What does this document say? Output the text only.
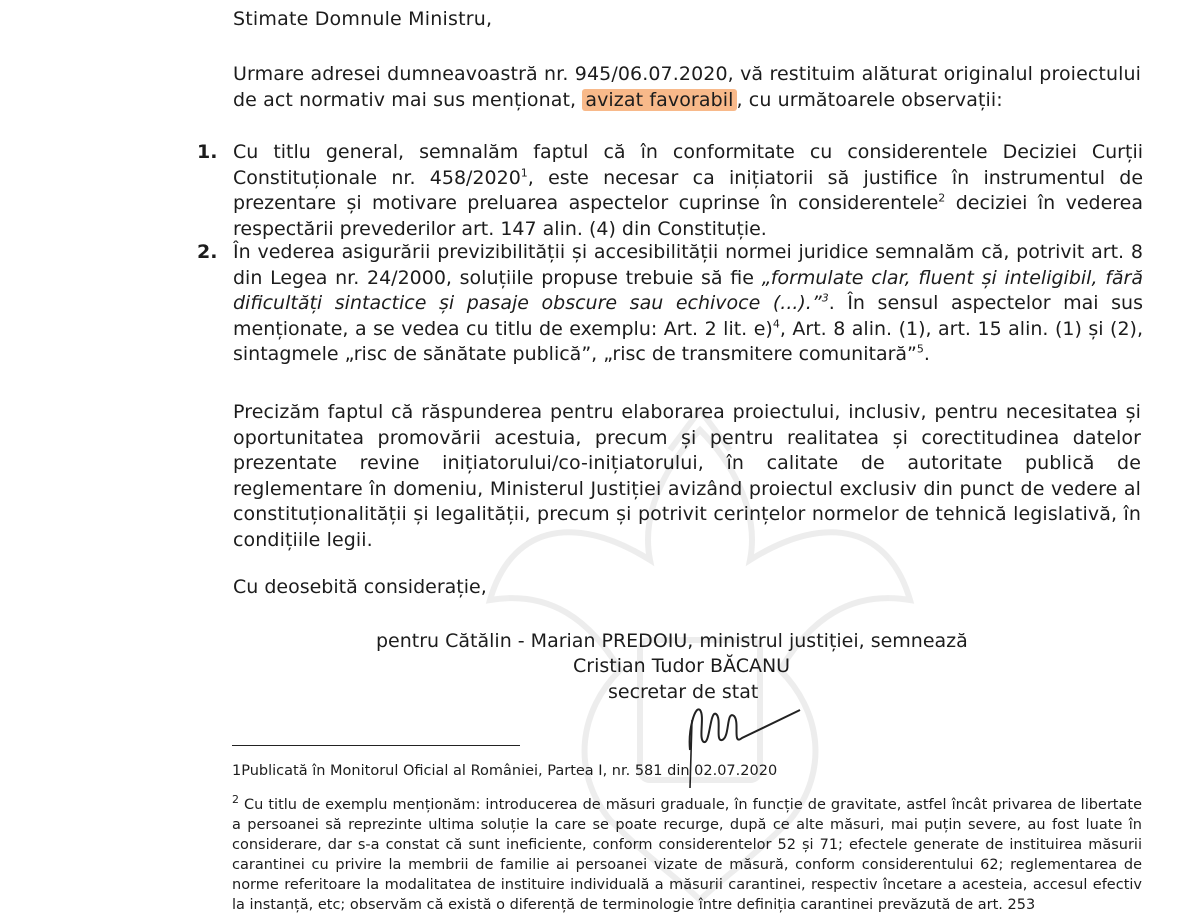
Stimate Domnule Ministru,
Urmare adresei dumneavoastră nr. 945/06.07.2020, vă restituim alăturat originalul proiectului de act normativ mai sus menționat, avizat favorabil , cu următoarele observații:
1. Cu titlu general, semnalăm faptul că în conformitate cu considerentele Deciziei Curții Constituționale nr. 458/2020$^1$, este necesar ca inițiatorii să justifice în instrumentul de prezentare și motivare preluarea aspectelor cuprinse în considerentele$^2$ deciziei în vederea respectării prevederilor art. 147 alin. (4) din Constituție.
2. În vederea asigurării previzibilității și accesibilității normei juridice semnalăm că, potrivit art. 8 din Legea nr. 24/2000, soluțiile propuse trebuie să fie „formulate clar, fluent și inteligibil, fără dificultăți sintactice și pasaje obscure sau echivoce (...).”$^3$. În sensul aspectelor mai sus menționate, a se vedea cu titlu de exemplu: Art. 2 lit. e)$^4$, Art. 8 alin. (1), art. 15 alin. (1) și (2), sintagmele „risc de sănătate publică”, „risc de transmitere comunitară”$^5$.
Precizăm faptul că răspunderea pentru elaborarea proiectului, inclusiv, pentru necesitatea și oportunitatea promovării acestuia, precum și pentru realitatea și corectitudinea datelor prezentate revine inițiatorului/co-inițiatorului, în calitate de autoritate publică de reglementare în domeniu, Ministerul Justiției avizând proiectul exclusiv din punct de vedere al constituționalității și legalității, precum și potrivit cerințelor normelor de tehnică legislativă, în condițiile legii.
Cu deosebită considerație,
pentru Cătălin - Marian PREDOIU, ministrul justiției, semnează
Cristian Tudor BĂCANU
secretar de stat
1Publicată în Monitorul Oficial al României, Partea I, nr. 581 din 02.07.2020
$^2$ Cu titlu de exemplu menționăm: introducerea de măsuri graduale, în funcție de gravitate, astfel încât privarea de libertate a persoanei să reprezinte ultima soluție la care se poate recurge, după ce alte măsuri, mai puțin severe, au fost luate în considerare, dar s-a constat că sunt ineficiente, conform considerentelor 52 și 71; efectele generate de instituirea măsurii carantinei cu privire la membrii de familie ai persoanei vizate de măsură, conform considerentului 62; reglementarea de norme referitoare la modalitatea de instituire individuală a măsurii carantinei, respectiv încetare a acesteia, accesul efectiv la instanță, etc; observăm că există o diferență de terminologie între definiția carantinei prevăzută de art. 253
